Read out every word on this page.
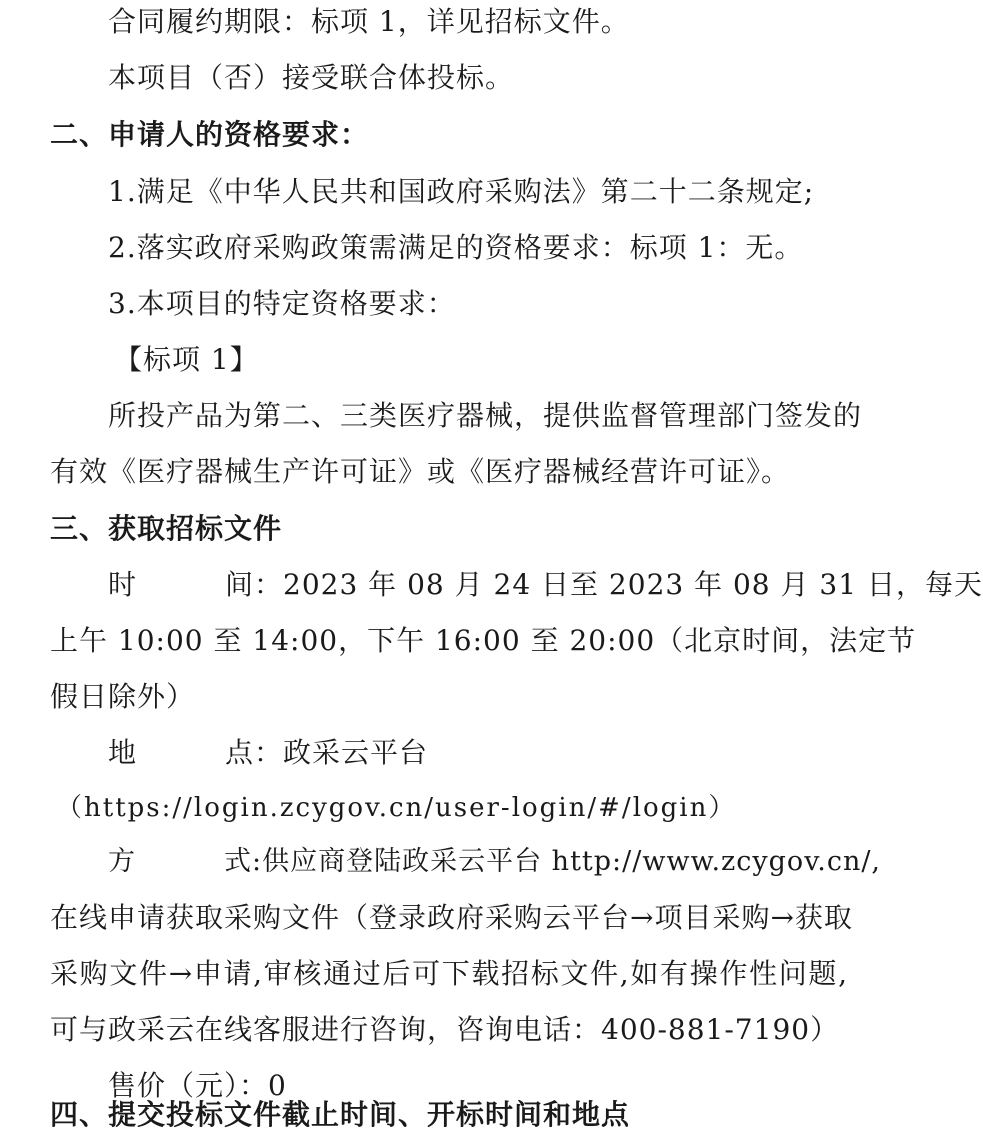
合同履约期限：标项 1，详见招标文件。
本项目（否）接受联合体投标。
二、申请人的资格要求：
1.满足《中华人民共和国政府采购法》第二十二条规定;
2.落实政府采购政策需满足的资格要求：标项 1：无。
3.本项目的特定资格要求：
【标项 1】
所投产品为第二、三类医疗器械，提供监督管理部门签发的
有效《医疗器械生产许可证》或《医疗器械经营许可证》。
三、获取招标文件
时	间：2023 年 08 月 24 日至 2023 年 08 月 31 日，每天
上午 10:00 至 14:00，下午 16:00 至 20:00（北京时间，法定节
假日除外）
地	点：政采云平台
（https://login.zcygov.cn/user-login/#/login）
方	式:供应商登陆政采云平台 http://www.zcygov.cn/,
在线申请获取采购文件（登录政府采购云平台→项目采购→获取
采购文件→申请,审核通过后可下载招标文件,如有操作性问题,
可与政采云在线客服进行咨询，咨询电话：400-881-7190）
售价（元）：0
四、提交投标文件截止时间、开标时间和地点
